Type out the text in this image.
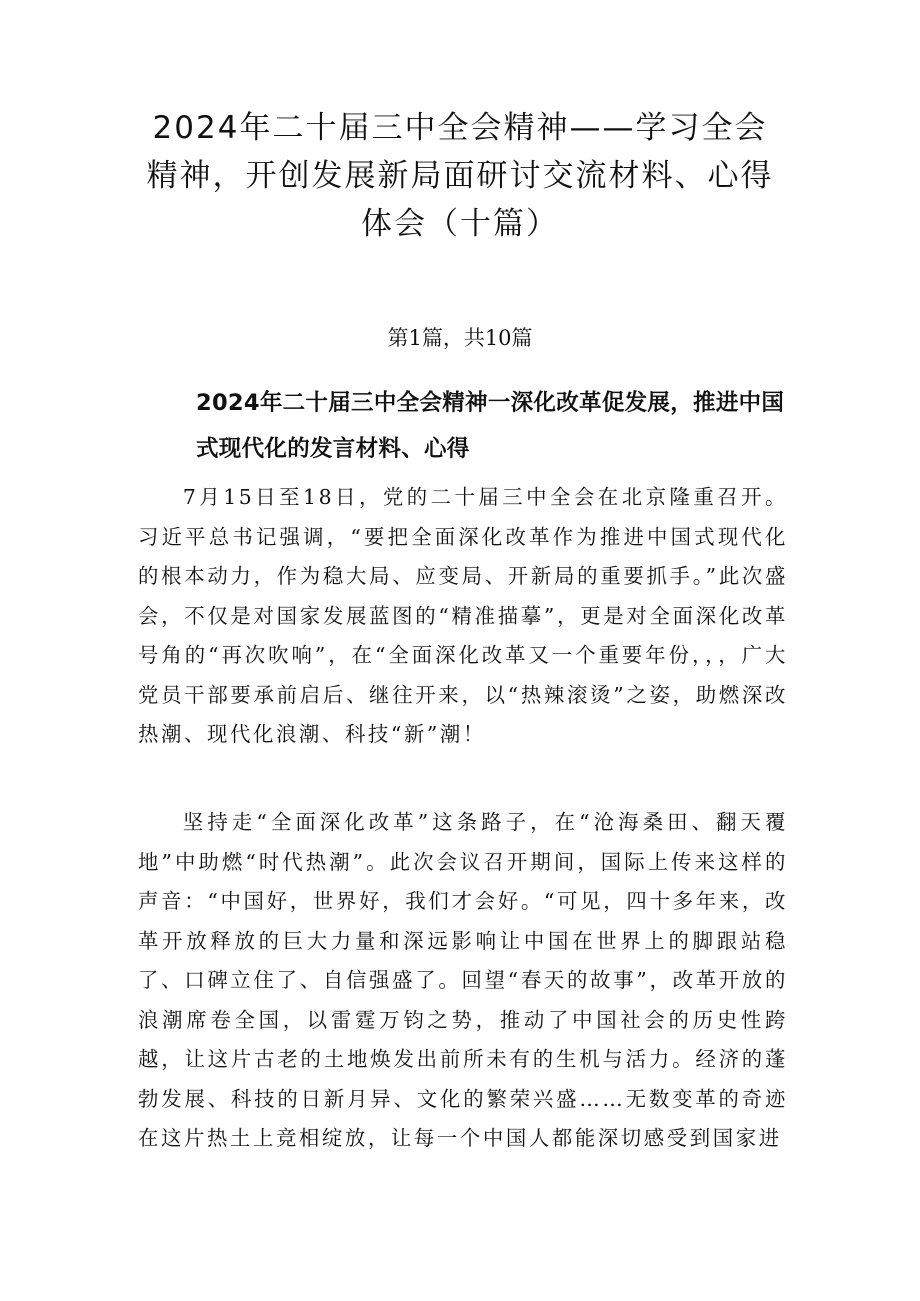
2024年二十届三中全会精神——学习全会精神，开创发展新局面研讨交流材料、心得体会（十篇）
第1篇，共10篇
2024年二十届三中全会精神一深化改革促发展，推进中国式现代化的发言材料、心得

7月15日至18日，党的二十届三中全会在北京隆重召开。习近平总书记强调，“要把全面深化改革作为推进中国式现代化的根本动力，作为稳大局、应变局、开新局的重要抓手。”此次盛会，不仅是对国家发展蓝图的“精准描摹”，更是对全面深化改革号角的“再次吹响”，在“全面深化改革又一个重要年份，，，广大党员干部要承前启后、继往开来，以“热辣滚烫”之姿，助燃深改热潮、现代化浪潮、科技“新”潮！

坚持走“全面深化改革”这条路子，在“沧海桑田、翻天覆地”中助燃“时代热潮”。此次会议召开期间，国际上传来这样的声音：“中国好，世界好，我们才会好。“可见，四十多年来，改革开放释放的巨大力量和深远影响让中国在世界上的脚跟站稳了、口碑立住了、自信强盛了。回望“春天的故事”，改革开放的浪潮席卷全国，以雷霆万钧之势，推动了中国社会的历史性跨越，让这片古老的土地焕发出前所未有的生机与活力。经济的蓬勃发展、科技的日新月异、文化的繁荣兴盛……无数变革的奇迹在这片热土上竞相绽放，让每一个中国人都能深切感受到国家进
